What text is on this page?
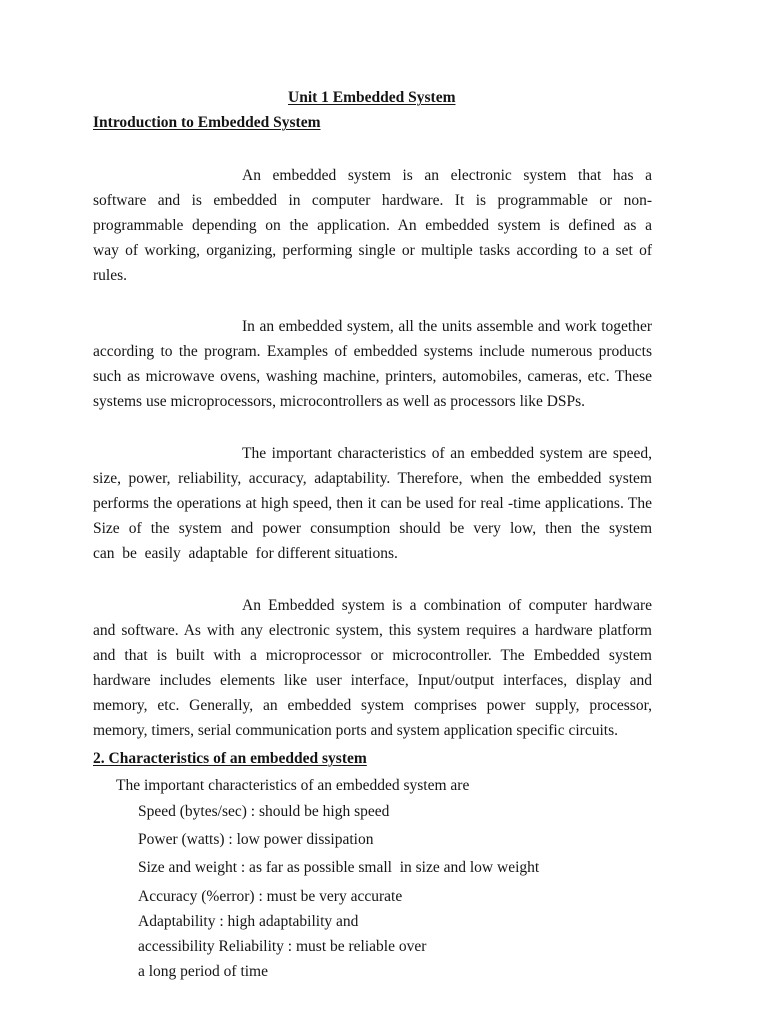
Unit 1 Embedded System
Introduction to Embedded System
An embedded system is an electronic system that has a
software and is embedded in computer hardware. It is programmable or non-
programmable depending on the application. An embedded system is defined as a
way of working, organizing, performing single or multiple tasks according to a set of
rules.
In an embedded system, all the units assemble and work together
according to the program. Examples of embedded systems include numerous products
such as microwave ovens, washing machine, printers, automobiles, cameras, etc. These
systems use microprocessors, microcontrollers as well as processors like DSPs.
The important characteristics of an embedded system are speed,
size, power, reliability, accuracy, adaptability. Therefore, when the embedded system
performs the operations at high speed, then it can be used for real -time applications. The
Size of the system and power consumption should be very low, then the system
can  be  easily  adaptable  for different situations.
An Embedded system is a combination of computer hardware
and software. As with any electronic system, this system requires a hardware platform
and that is built with a microprocessor or microcontroller. The Embedded system
hardware includes elements like user interface, Input/output interfaces, display and
memory, etc. Generally, an embedded system comprises power supply, processor,
memory, timers, serial communication ports and system application specific circuits.
2. Characteristics of an embedded system
The important characteristics of an embedded system are
Speed (bytes/sec) : should be high speed
Power (watts) : low power dissipation
Size and weight : as far as possible small  in size and low weight
Accuracy (%error) : must be very accurate
Adaptability : high adaptability and
accessibility Reliability : must be reliable over
a long period of time
